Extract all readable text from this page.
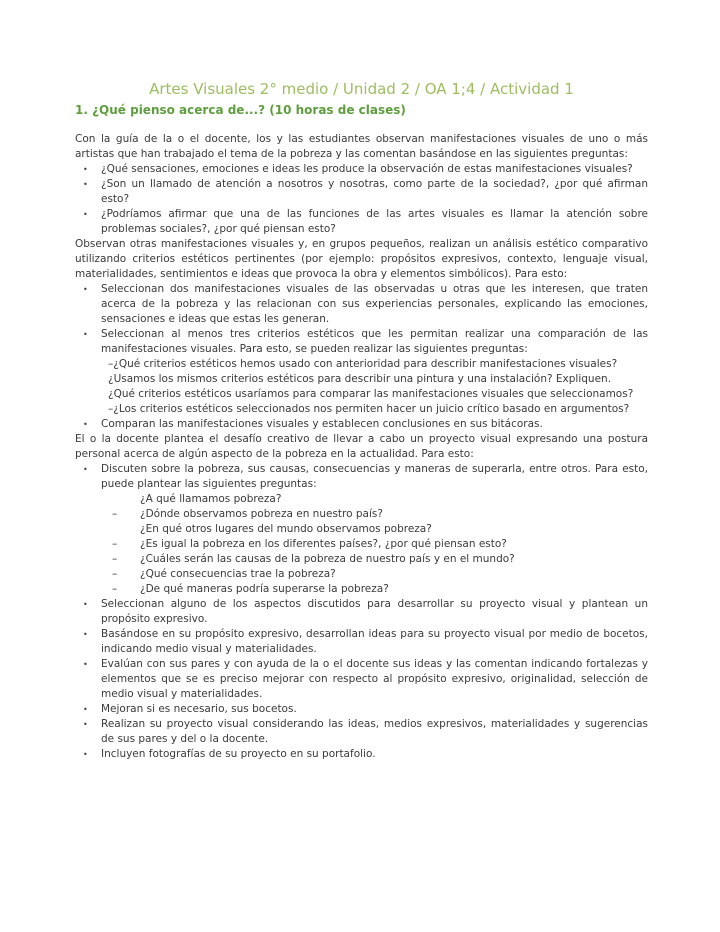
Artes Visuales 2° medio / Unidad 2 / OA 1;4 / Actividad 1
1. ¿Qué pienso acerca de...? (10 horas de clases)

Con la guía de la o el docente, los y las estudiantes observan manifestaciones visuales de uno o más artistas que han trabajado el tema de la pobreza y las comentan basándose en las siguientes preguntas:

•	¿Qué sensaciones, emociones e ideas les produce la observación de estas manifestaciones visuales?
•	¿Son un llamado de atención a nosotros y nosotras, como parte de la sociedad?, ¿por qué afirman esto?
•	¿Podríamos afirmar que una de las funciones de las artes visuales es llamar la atención sobre problemas sociales?, ¿por qué piensan esto?

Observan otras manifestaciones visuales y, en grupos pequeños, realizan un análisis estético comparativo utilizando criterios estéticos pertinentes (por ejemplo: propósitos expresivos, contexto, lenguaje visual, materialidades, sentimientos e ideas que provoca la obra y elementos simbólicos). Para esto:

•	Seleccionan dos manifestaciones visuales de las observadas u otras que les interesen, que traten acerca de la pobreza y las relacionan con sus experiencias personales, explicando las emociones, sensaciones e ideas que estas les generan.
•	Seleccionan al menos tres criterios estéticos que les permitan realizar una comparación de las manifestaciones visuales. Para esto, se pueden realizar las siguientes preguntas:
–¿Qué criterios estéticos hemos usado con anterioridad para describir manifestaciones visuales?
¿Usamos los mismos criterios estéticos para describir una pintura y una instalación? Expliquen.
¿Qué criterios estéticos usaríamos para comparar las manifestaciones visuales que seleccionamos?
–¿Los criterios estéticos seleccionados nos permiten hacer un juicio crítico basado en argumentos?
•	Comparan las manifestaciones visuales y establecen conclusiones en sus bitácoras.

El o la docente plantea el desafío creativo de llevar a cabo un proyecto visual expresando una postura personal acerca de algún aspecto de la pobreza en la actualidad. Para esto:

•	Discuten sobre la pobreza, sus causas, consecuencias y maneras de superarla, entre otros. Para esto, puede plantear las siguientes preguntas:
¿A qué llamamos pobreza?
–	¿Dónde observamos pobreza en nuestro país?
¿En qué otros lugares del mundo observamos pobreza?
–	¿Es igual la pobreza en los diferentes países?, ¿por qué piensan esto?
–	¿Cuáles serán las causas de la pobreza de nuestro país y en el mundo?
–	¿Qué consecuencias trae la pobreza?
–	¿De qué maneras podría superarse la pobreza?
•	Seleccionan alguno de los aspectos discutidos para desarrollar su proyecto visual y plantean un propósito expresivo.
•	Basándose en su propósito expresivo, desarrollan ideas para su proyecto visual por medio de bocetos, indicando medio visual y materialidades.
•	Evalúan con sus pares y con ayuda de la o el docente sus ideas y las comentan indicando fortalezas y elementos que se es preciso mejorar con respecto al propósito expresivo, originalidad, selección de medio visual y materialidades.
•	Mejoran si es necesario, sus bocetos.
•	Realizan su proyecto visual considerando las ideas, medios expresivos, materialidades y sugerencias de sus pares y del o la docente.
•	Incluyen fotografías de su proyecto en su portafolio.
